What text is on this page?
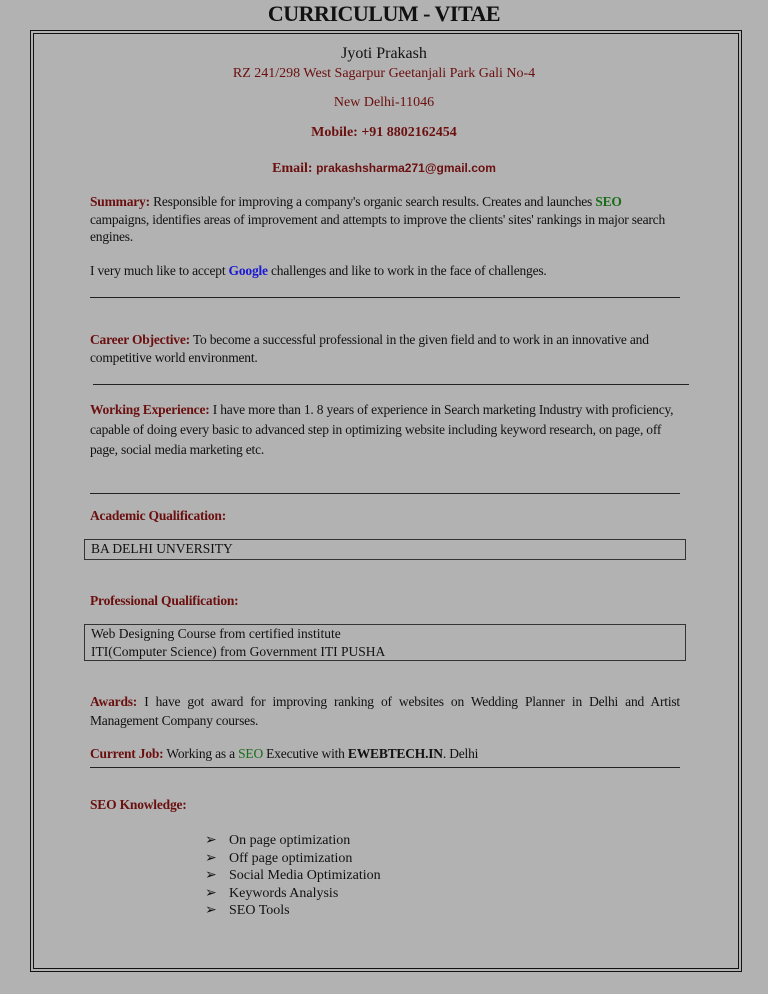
CURRICULUM - VITAE
Jyoti Prakash
RZ 241/298 West Sagarpur Geetanjali Park Gali No-4
New Delhi-11046
Mobile: +91 8802162454
Email: prakashsharma271@gmail.com
Summary: Responsible for improving a company's organic search results. Creates and launches SEO campaigns, identifies areas of improvement and attempts to improve the clients' sites' rankings in major search engines.
I very much like to accept Google challenges and like to work in the face of challenges.
Career Objective: To become a successful professional in the given field and to work in an innovative and competitive world environment.
Working Experience: I have more than 1. 8 years of experience in Search marketing Industry with proficiency, capable of doing every basic to advanced step in optimizing website including keyword research, on page, off page, social media marketing etc.
Academic Qualification:
BA DELHI UNVERSITY
Professional Qualification:
Web Designing Course from certified institute
ITI(Computer Science) from Government ITI PUSHA
Awards: I have got award for improving ranking of websites on Wedding Planner in Delhi and Artist Management Company courses.
Current Job: Working as a SEO Executive with EWEBTECH.IN. Delhi
SEO Knowledge:
➢ On page optimization
➢ Off page optimization
➢ Social Media Optimization
➢ Keywords Analysis
➢ SEO Tools
